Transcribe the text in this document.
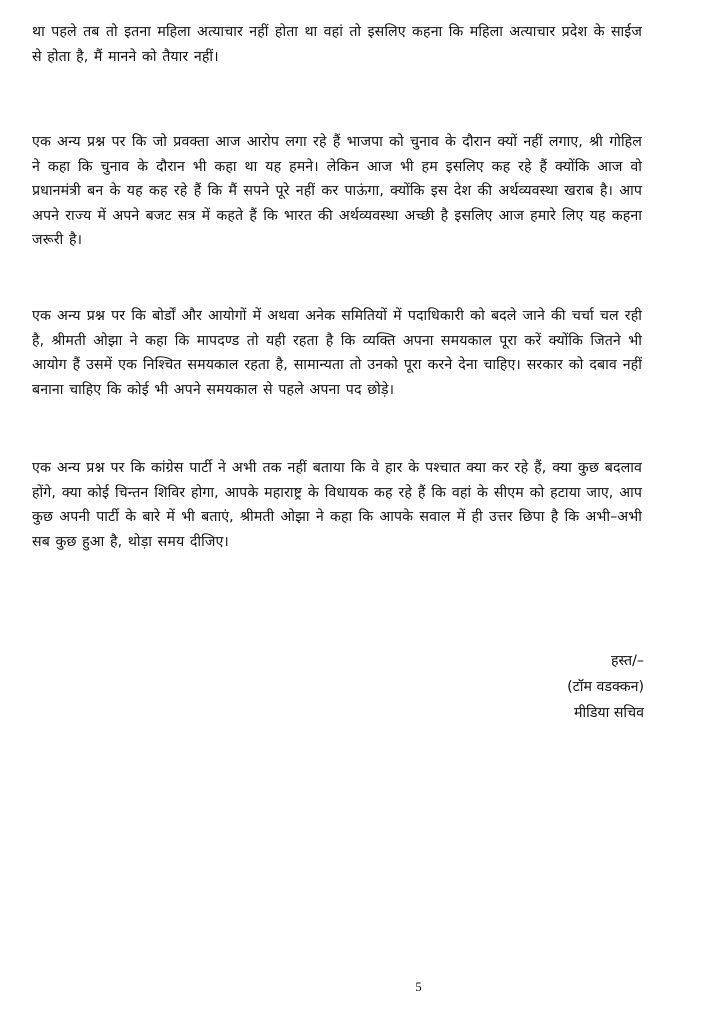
था पहले तब तो इतना महिला अत्याचार नहीं होता था वहां तो इसलिए कहना कि महिला अत्याचार प्रदेश के साईज से होता है, मैं मानने को तैयार नहीं।

एक अन्य प्रश्न पर कि जो प्रवक्ता आज आरोप लगा रहे हैं भाजपा को चुनाव के दौरान क्यों नहीं लगाए, श्री गोहिल ने कहा कि चुनाव के दौरान भी कहा था यह हमने। लेकिन आज भी हम इसलिए कह रहे हैं क्योंकि आज वो प्रधानमंत्री बन के यह कह रहे हैं कि मैं सपने पूरे नहीं कर पाऊंगा, क्योंकि इस देश की अर्थव्यवस्था खराब है। आप अपने राज्य में अपने बजट सत्र में कहते हैं कि भारत की अर्थव्यवस्था अच्छी है इसलिए आज हमारे लिए यह कहना जरूरी है।

एक अन्य प्रश्न पर कि बोर्डों और आयोगों में अथवा अनेक समितियों में पदाधिकारी को बदले जाने की चर्चा चल रही है, श्रीमती ओझा ने कहा कि मापदण्ड तो यही रहता है कि व्यक्ति अपना समयकाल पूरा करें क्योंकि जितने भी आयोग हैं उसमें एक निश्चित समयकाल रहता है, सामान्यता तो उनको पूरा करने देना चाहिए। सरकार को दबाव नहीं बनाना चाहिए कि कोई भी अपने समयकाल से पहले अपना पद छोड़े।

एक अन्य प्रश्न पर कि कांग्रेस पार्टी ने अभी तक नहीं बताया कि वे हार के पश्चात क्या कर रहे हैं, क्या कुछ बदलाव होंगे, क्या कोई चिन्तन शिविर होगा, आपके महाराष्ट्र के विधायक कह रहे हैं कि वहां के सीएम को हटाया जाए, आप कुछ अपनी पार्टी के बारे में भी बताएं, श्रीमती ओझा ने कहा कि आपके सवाल में ही उत्तर छिपा है कि अभी–अभी सब कुछ हुआ है, थोड़ा समय दीजिए।

हस्त/–
(टॉम वडक्कन)
मीडिया सचिव
5
